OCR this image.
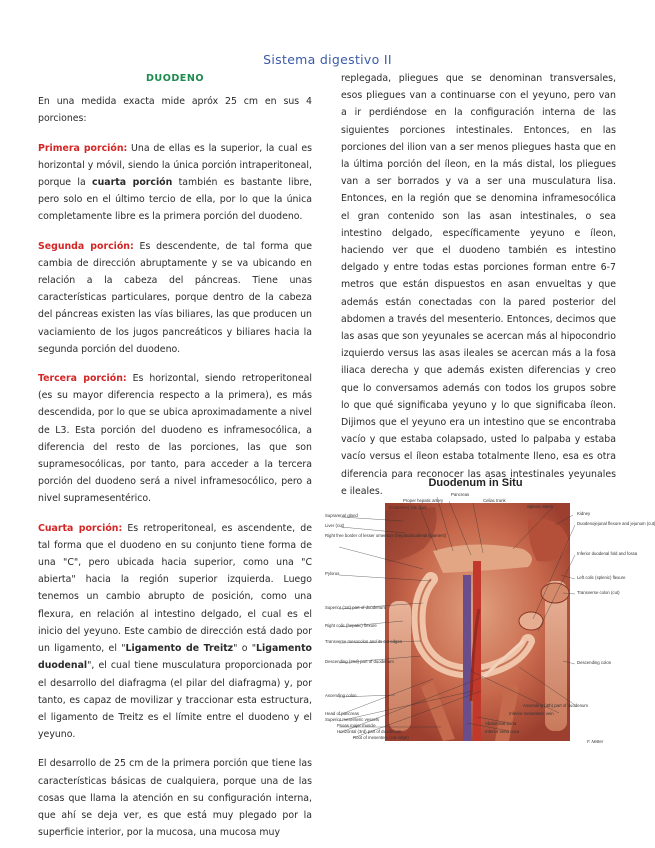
Sistema digestivo II
DUODENO

En una medida exacta mide apróx 25 cm en sus 4 porciones:

Primera porción: Una de ellas es la superior, la cual es horizontal y móvil, siendo la única porción intraperitoneal, porque la cuarta porción también es bastante libre, pero solo en el último tercio de ella, por lo que la única completamente libre es la primera porción del duodeno.

Segunda porción: Es descendente, de tal forma que cambia de dirección abruptamente y se va ubicando en relación a la cabeza del páncreas. Tiene unas características particulares, porque dentro de la cabeza del páncreas existen las vías biliares, las que producen un vaciamiento de los jugos pancreáticos y biliares hacia la segunda porción del duodeno.

Tercera porción: Es horizontal, siendo retroperitoneal (es su mayor diferencia respecto a la primera), es más descendida, por lo que se ubica aproximadamente a nivel de L3. Esta porción del duodeno es inframesocólica, a diferencia del resto de las porciones, las que son supramesocólicas, por tanto, para acceder a la tercera porción del duodeno será a nivel inframesocólico, pero a nivel supramesentérico.

Cuarta porción: Es retroperitoneal, es ascendente, de tal forma que el duodeno en su conjunto tiene forma de una "C", pero ubicada hacia superior, como una "C abierta" hacia la región superior izquierda. Luego tenemos un cambio abrupto de posición, como una flexura, en relación al intestino delgado, el cual es el inicio del yeyuno. Este cambio de dirección está dado por un ligamento, el "Ligamento de Treitz" o "Ligamento duodenal", el cual tiene musculatura proporcionada por el desarrollo del diafragma (el pilar del diafragma) y, por tanto, es capaz de movilizar y traccionar esta estructura, el ligamento de Treitz es el límite entre el duodeno y el yeyuno.

El desarrollo de 25 cm de la primera porción que tiene las características básicas de cualquiera, porque una de las cosas que llama la atención en su configuración interna, que ahí se deja ver, es que está muy plegado por la superficie interior, por la mucosa, una mucosa muy

replegada, pliegues que se denominan transversales, esos pliegues van a continuarse con el yeyuno, pero van a ir perdiéndose en la configuración interna de las siguientes porciones intestinales. Entonces, en las porciones del ilion van a ser menos pliegues hasta que en la última porción del íleon, en la más distal, los pliegues van a ser borrados y va a ser una musculatura lisa. Entonces, en la región que se denomina inframesocólica el gran contenido son las asan intestinales, o sea intestino delgado, específicamente yeyuno e íleon, haciendo ver que el duodeno también es intestino delgado y entre todas estas porciones forman entre 6-7 metros que están dispuestos en asan envueltas y que además están conectadas con la pared posterior del abdomen a través del mesenterio. Entonces, decimos que las asas que son yeyunales se acercan más al hipocondrio izquierdo versus las asas ileales se acercan más a la fosa iliaca derecha y que además existen diferencias y creo que lo conversamos además con todos los grupos sobre lo que qué significaba yeyuno y lo que significaba íleon. Dijimos que el yeyuno era un intestino que se encontraba vacío y que estaba colapsado, usted lo palpaba y estaba vacío versus el íleon estaba totalmente lleno, esa es otra diferencia para reconocer las asas intestinales yeyunales e ileales.

Duodenum in Situ
Pancreas
Proper hepatic artery
(Common) bile duct
Suprarenal gland
Liver (cut)
Celiac trunk
Splenic artery
Kidney
Right free border of lesser omentum (hepatoduodenal ligament)
Pylorus
Superior (1st) part of duodenum
Right colic (hepatic) flexure
Transverse mesocolon and its cut edges
Descending (2nd) part of duodenum
Ascending colon
Head of pancreas
Superior mesenteric vessels
Psoas major muscle
Horizontal (3rd) part of duodenum
Root of mesentery (cut edge)
Duodenojejunal flexure and jejunum (cut)
Inferior duodenal fold and fossa
Left colic (splenic) flexure
Transverse colon (cut)
Descending colon
Ascending (4th) part of duodenum
Inferior mesenteric vein
Abdominal aorta
Inferior vena cava
F. Netter
